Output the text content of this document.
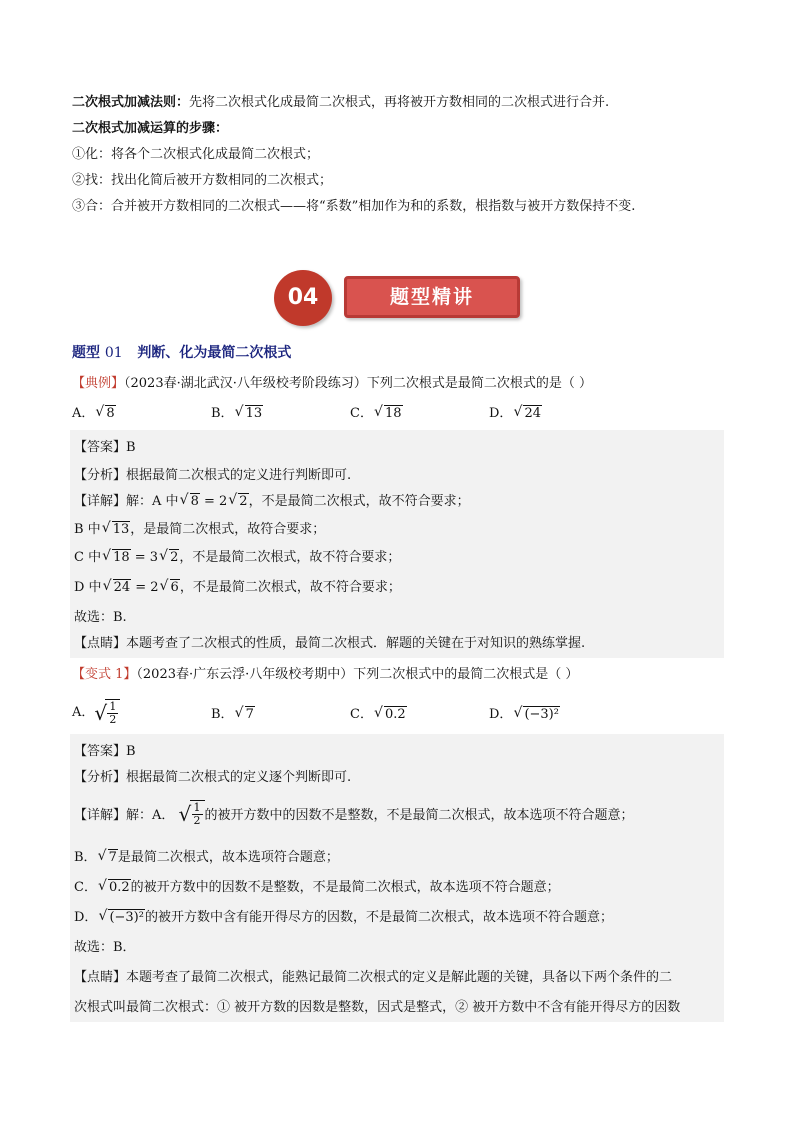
二次根式加减法则：先将二次根式化成最简二次根式，再将被开方数相同的二次根式进行合并.
二次根式加减运算的步骤：
①化：将各个二次根式化成最简二次根式；
②找：找出化简后被开方数相同的二次根式；
③合：合并被开方数相同的二次根式——将“系数”相加作为和的系数，根指数与被开方数保持不变.
04	题型精讲
题型 01 判断、化为最简二次根式
【典例】（2023春·湖北武汉·八年级校考阶段练习）下列二次根式是最简二次根式的是（ ）
A． √ 8	B． √ 13	C． √ 18	D． √ 24
【答案】B
【分析】根据最简二次根式的定义进行判断即可.
【详解】解：A 中 √ 8 = 2 √ 2，不是最简二次根式，故不符合要求；
B 中 √ 13，是最简二次根式，故符合要求；
C 中 √ 18 = 3 √ 2，不是最简二次根式，故不符合要求；
D 中 √ 24 = 2 √ 6，不是最简二次根式，故不符合要求；
故选：B.
【点睛】本题考查了二次根式的性质，最简二次根式．解题的关键在于对知识的熟练掌握.
【变式 1】（2023春·广东云浮·八年级校考期中）下列二次根式中的最简二次根式是（ ）
A． √ $\frac{1}{2}$	B． √ 7	C． √ 0.2	D． √ (−3)²
【答案】B
【分析】根据最简二次根式的定义逐个判断即可.
【详解】 解：A．
√ $\frac{1}{2}$ 的被开方数中的因数不是整数，不是最简二次根式，故本选项不符合题意；
B． √ 7是最简二次根式，故本选项符合题意；
C． √ 0.2的被开方数中的因数不是整数，不是最简二次根式，故本选项不符合题意；
D． √ (−3)²的被开方数中含有能开得尽方的因数，不是最简二次根式，故本选项不符合题意；
故选：B．
【点睛】本题考查了最简二次根式，能熟记最简二次根式的定义是解此题的关键，具备以下两个条件的二
次根式叫最简二次根式：① 被开方数的因数是整数，因式是整式，② 被开方数中不含有能开得尽方的因数
